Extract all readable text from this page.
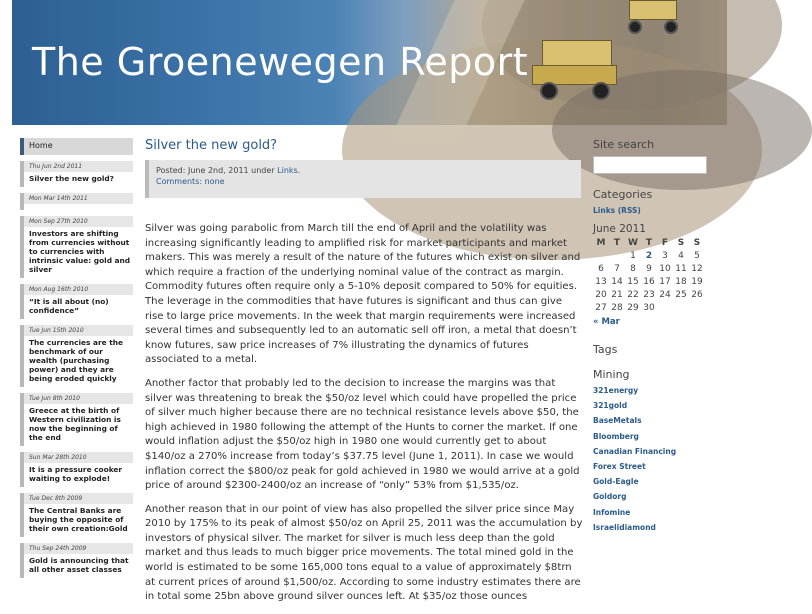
The Groenewegen Report
Home
Thu Jun 2nd 2011
Silver the new gold?
Mon Mar 14th 2011
Mon Sep 27th 2010
Investors are shifting from currencies without to currencies with intrinsic value: gold and silver
Mon Aug 16th 2010
“It is all about (no) confidence”
Tue Jun 15th 2010
The currencies are the benchmark of our wealth (purchasing power) and they are being eroded quickly
Tue Jun 8th 2010
Greece at the birth of Western civilization is now the beginning of the end
Sun Mar 28th 2010
It is a pressure cooker waiting to explode!
Tue Dec 8th 2009
The Central Banks are buying the opposite of their own creation:Gold
Thu Sep 24th 2009
Gold is announcing that all other asset classes
Silver the new gold?
Posted: June 2nd, 2011 under Links.
Comments: none

Silver was going parabolic from March till the end of April and the volatility was increasing significantly leading to amplified risk for market participants and market makers. This was merely a result of the nature of the futures which exist on silver and which require a fraction of the underlying nominal value of the contract as margin. Commodity futures often require only a 5-10% deposit compared to 50% for equities. The leverage in the commodities that have futures is significant and thus can give rise to large price movements. In the week that margin requirements were increased several times and subsequently led to an automatic sell off iron, a metal that doesn’t know futures, saw price increases of 7% illustrating the dynamics of futures associated to a metal.

Another factor that probably led to the decision to increase the margins was that silver was threatening to break the $50/oz level which could have propelled the price of silver much higher because there are no technical resistance levels above $50, the high achieved in 1980 following the attempt of the Hunts to corner the market. If one would inflation adjust the $50/oz high in 1980 one would currently get to about $140/oz a 270% increase from today’s $37.75 level (June 1, 2011). In case we would inflation correct the $800/oz peak for gold achieved in 1980 we would arrive at a gold price of around $2300-2400/oz an increase of “only” 53% from $1,535/oz.

Another reason that in our point of view has also propelled the silver price since May 2010 by 175% to its peak of almost $50/oz on April 25, 2011 was the accumulation by investors of physical silver. The market for silver is much less deep than the gold market and thus leads to much bigger price movements. The total mined gold in the world is estimated to be some 165,000 tons equal to a value of approximately $8trn at current prices of around $1,500/oz. According to some industry estimates there are in total some 25bn above ground silver ounces left. At $35/oz those ounces

Site search
Categories
Links (RSS)
June 2011
M	T	W	T	F	S	S
		1	2	3	4	5
6	7	8	9	10	11	12
13	14	15	16	17	18	19
20	21	22	23	24	25	26
27	28	29	30			
« Mar
Tags
Mining
321energy
321gold
BaseMetals
Bloomberg
Canadian Financing
Forex Street
Gold-Eagle
Goldorg
Infomine
Israelidiamond
